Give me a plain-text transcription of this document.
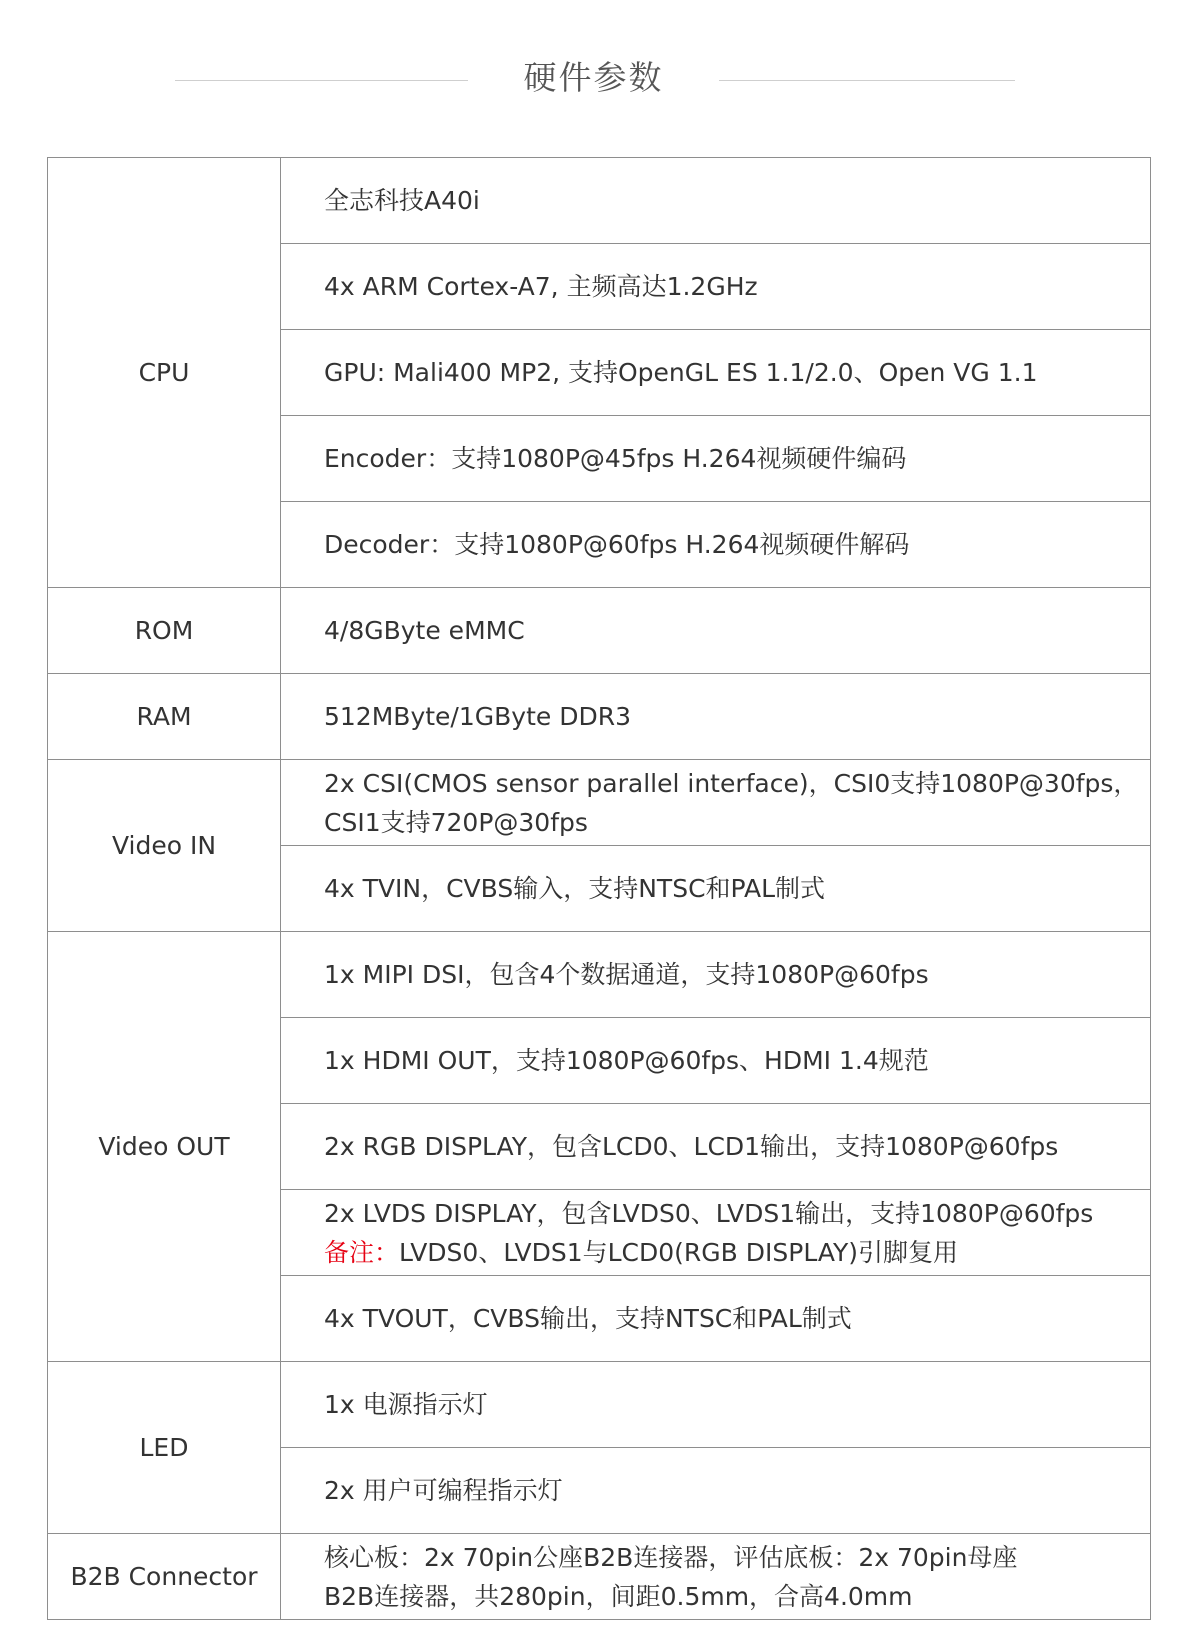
硬件参数
CPU	全志科技A40i
	4x ARM Cortex-A7, 主频高达1.2GHz
	GPU: Mali400 MP2, 支持OpenGL ES 1.1/2.0、Open VG 1.1
	Encoder：支持1080P@45fps H.264视频硬件编码
	Decoder：支持1080P@60fps H.264视频硬件解码
ROM	4/8GByte eMMC
RAM	512MByte/1GByte DDR3
Video IN	2x CSI(CMOS sensor parallel interface)，CSI0支持1080P@30fps，
CSI1支持720P@30fps

	4x TVIN，CVBS输入，支持NTSC和PAL制式
Video OUT	1x MIPI DSI，包含4个数据通道，支持1080P@60fps
	1x HDMI OUT，支持1080P@60fps、HDMI 1.4规范
	2x RGB DISPLAY，包含LCD0、LCD1输出，支持1080P@60fps

	2x LVDS DISPLAY，包含LVDS0、LVDS1输出，支持1080P@60fps
备注：LVDS0、LVDS1与LCD0(RGB DISPLAY)引脚复用

	4x TVOUT，CVBS输出，支持NTSC和PAL制式
LED	1x 电源指示灯
	2x 用户可编程指示灯
B2B Connector	核心板：2x 70pin公座B2B连接器，评估底板：2x 70pin母座
B2B连接器，共280pin，间距0.5mm，合高4.0mm
